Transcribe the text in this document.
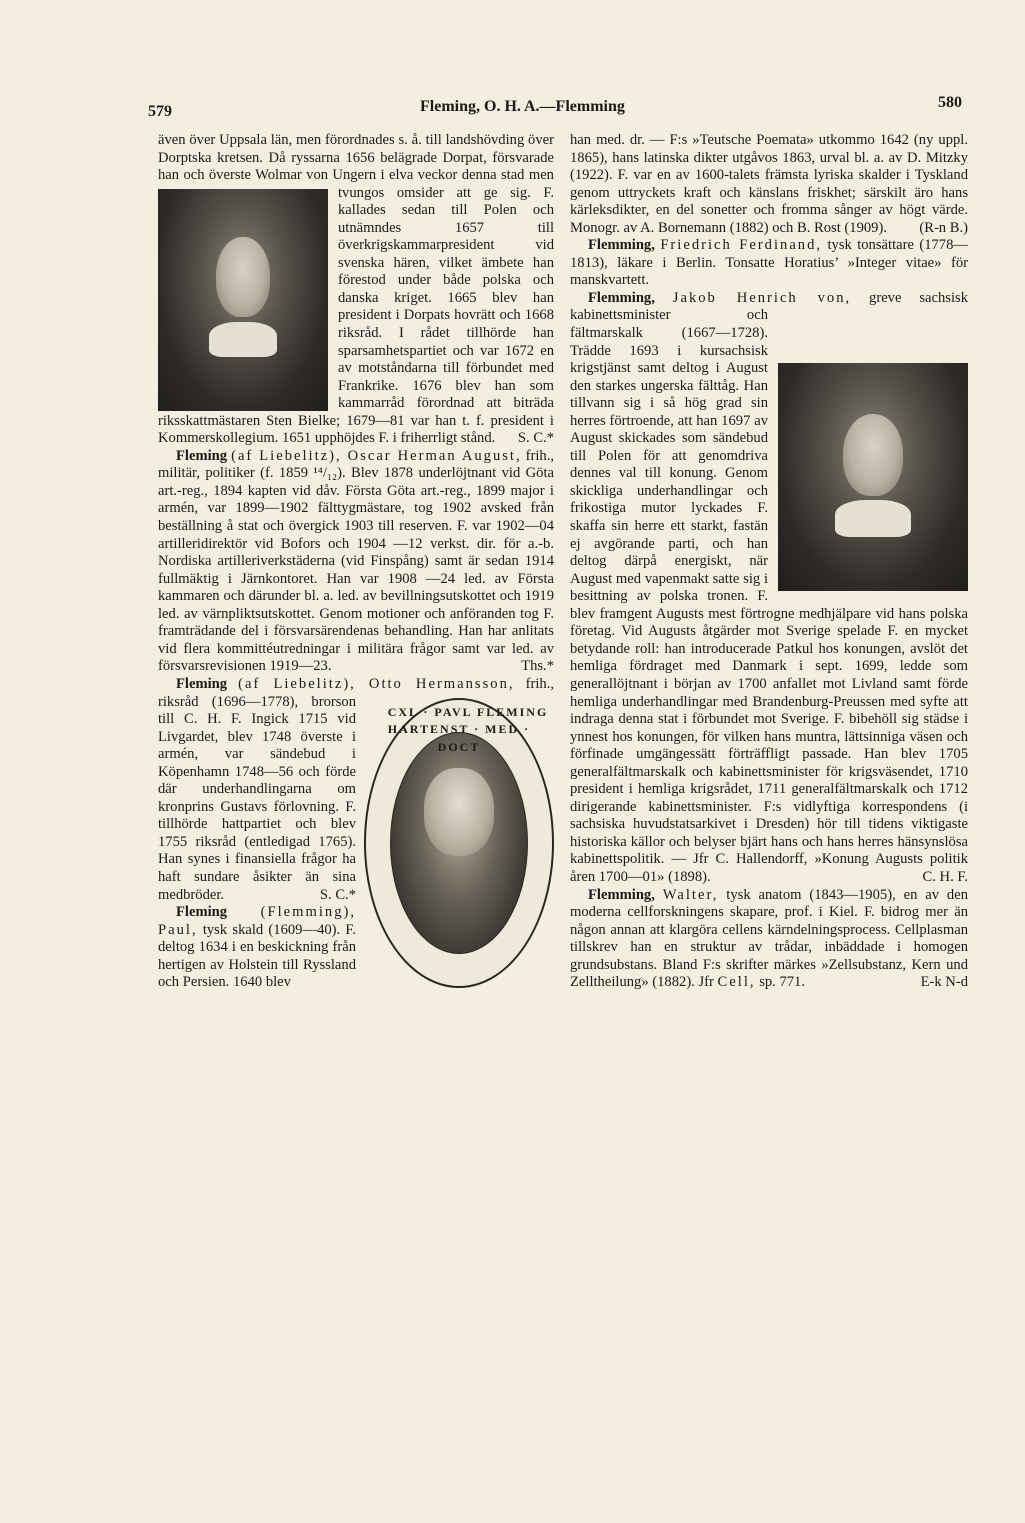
579	Fleming, O. H. A.—Flemming	580

även över Uppsala län, men förordnades s. å. till landshövding över Dorptska kretsen. Då ryssarna 1656 belägrade Dorpat, försvarade han och överste Wolmar von Ungern i elva veckor denna stad men tvungos omsider att ge sig. F. kallades sedan till Polen och utnämndes 1657 till överkrigskammarpresident vid svenska hären, vilket ämbete han förestod under både polska och danska kriget. 1665 blev han president i Dorpats hovrätt och 1668 riksråd. I rådet tillhörde han sparsamhetspartiet och var 1672 en av motståndarna till förbundet med Frankrike. 1676 blev han som kammarråd förordnad att biträda riksskattmästaren Sten Bielke; 1679—81 var han t. f. president i Kommerskollegium. 1651 upphöjdes F. i friherrligt stånd. S. C.*

Fleming (af Liebelitz), Oscar Herman August, frih., militär, politiker (f. 1859 ¹⁴/₁₂). Blev 1878 underlöjtnant vid Göta art.-reg., 1894 kapten vid dåv. Första Göta art.-reg., 1899 major i armén, var 1899—1902 fälttygmästare, tog 1902 avsked från beställning å stat och övergick 1903 till reserven. F. var 1902—04 artilleridirektör vid Bofors och 1904 —12 verkst. dir. för a.-b. Nordiska artilleriverkstäderna (vid Finspång) samt är sedan 1914 fullmäktig i Järnkontoret. Han var 1908 —24 led. av Första kammaren och därunder bl. a. led. av bevillningsutskottet och 1919 led. av värnpliktsutskottet. Genom motioner och anföranden tog F. framträdande del i försvarsärendenas behandling. Han har anlitats vid flera kommittéutredningar i militära frågor samt var led. av försvarsrevisionen 1919—23.	Ths.*

Fleming (af Liebelitz), Otto Hermansson,
CXL · PAVL FLEMING HARTENST · MED · DOCT
frih., riksråd (1696—1778), brorson till C. H. F. Ingick 1715 vid Livgardet, blev 1748 överste i armén, var sändebud i Köpenhamn 1748—56 och förde där underhandlingarna om kronprins Gustavs förlovning. F. tillhörde hattpartiet och blev 1755 riksråd (entledigad 1765). Han synes i finansiella frågor ha haft sundare åsikter än sina medbröder.	S. C.*

Fleming (Flemming), Paul, tysk skald (1609—40). F. deltog 1634 i en beskickning från hertigen av Holstein till Ryssland och Persien. 1640 blev

han med. dr. — F:s »Teutsche Poemata» utkommo 1642 (ny uppl. 1865), hans latinska dikter utgåvos 1863, urval bl. a. av D. Mitzky (1922). F. var en av 1600-talets främsta lyriska skalder i Tyskland genom uttryckets kraft och känslans friskhet; särskilt äro hans kärleksdikter, en del sonetter och fromma sånger av högt värde. Monogr. av A. Bornemann (1882) och B. Rost (1909). (R-n B.)

Flemming, Friedrich Ferdinand, tysk tonsättare (1778—1813), läkare i Berlin. Tonsatte Horatius’ »Integer vitae» för manskvartett.

Flemming, Jakob Henrich von, greve sachsisk kabinettsminister och fältmarskalk (1667—1728). Trädde 1693 i kursachsisk krigstjänst samt deltog i August den starkes ungerska fälttåg. Han tillvann sig i så hög grad sin herres förtroende, att han 1697 av August skickades som sändebud till Polen för att genomdriva dennes val till konung. Genom skickliga underhandlingar och frikostiga mutor lyckades F. skaffa sin herre ett starkt, fastän ej avgörande parti, och han deltog därpå energiskt, när August med vapenmakt satte sig i besittning av polska tronen. F. blev framgent Augusts mest förtrogne medhjälpare vid hans polska företag. Vid Augusts åtgärder mot Sverige spelade F. en mycket betydande roll: han introducerade Patkul hos konungen, avslöt det hemliga fördraget med Danmark i sept. 1699, ledde som generallöjtnant i början av 1700 anfallet mot Livland samt förde hemliga underhandlingar med Brandenburg-Preussen med syfte att indraga denna stat i förbundet mot Sverige. F. bibehöll sig städse i ynnest hos konungen, för vilken hans muntra, lättsinniga väsen och förfinade umgängessätt förträffligt passade. Han blev 1705 generalfältmarskalk och kabinettsminister för krigsväsendet, 1710 president i hemliga krigsrådet, 1711 generalfältmarskalk och 1712 dirigerande kabinettsminister. F:s vidlyftiga korrespondens (i sachsiska huvudstatsarkivet i Dresden) hör till tidens viktigaste historiska källor och belyser bjärt hans och hans herres hänsynslösa kabinettspolitik. — Jfr C. Hallendorff, »Konung Augusts politik åren 1700—01» (1898).	C. H. F.

Flemming, Walter, tysk anatom (1843—1905), en av den moderna cellforskningens skapare, prof. i Kiel. F. bidrog mer än någon annan att klargöra cellens kärndelningsprocess. Cellplasman tillskrev han en struktur av trådar, inbäddade i homogen grundsubstans. Bland F:s skrifter märkes »Zellsubstanz, Kern und Zelltheilung» (1882). Jfr Cell, sp. 771.	E-k N-d
